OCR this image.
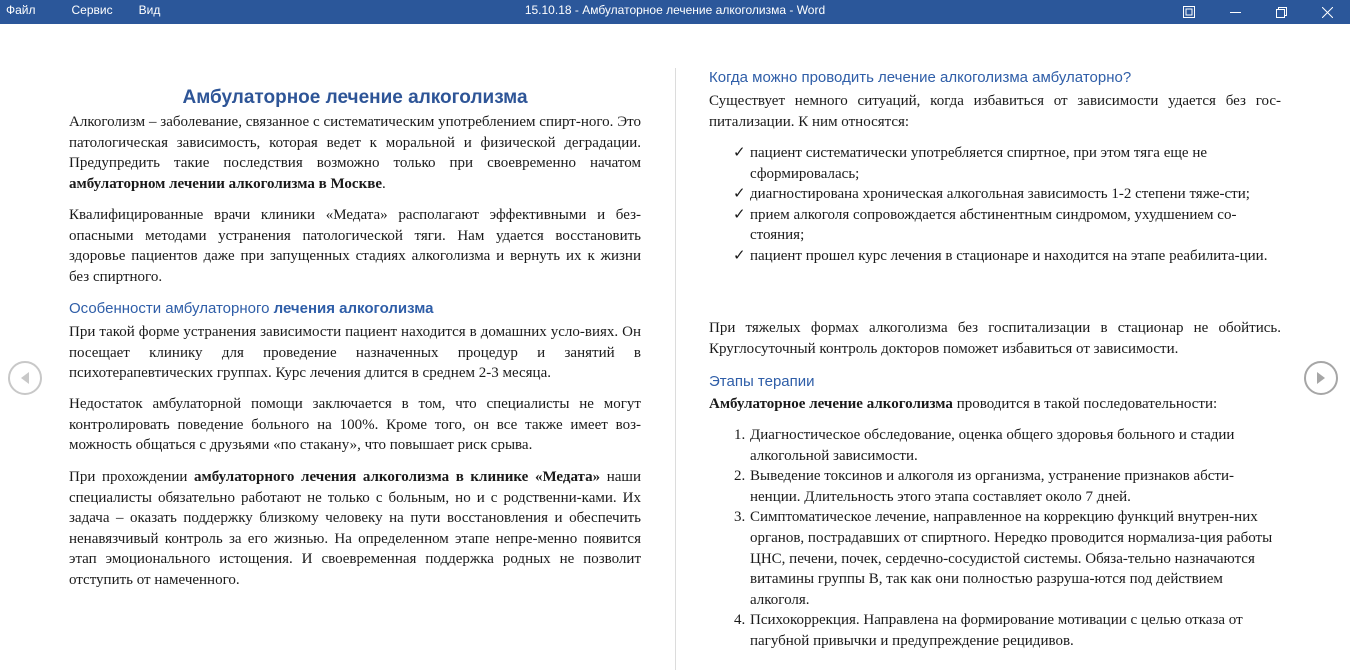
Файл	Сервис	Вид	15.10.18 - Амбулаторное лечение алкоголизма - Word
Амбулаторное лечение алкоголизма

Алкоголизм – заболевание, связанное с систематическим употреблением спирт-ного. Это патологическая зависимость, которая ведет к моральной и физической деградации. Предупредить такие последствия возможно только при своевременно начатом амбулаторном лечении алкоголизма в Москве.

Квалифицированные врачи клиники «Медата» располагают эффективными и без-опасными методами устранения патологической тяги. Нам удается восстановить здоровье пациентов даже при запущенных стадиях алкоголизма и вернуть их к жизни без спиртного.

Особенности амбулаторного лечения алкоголизма

При такой форме устранения зависимости пациент находится в домашних усло-виях. Он посещает клинику для проведение назначенных процедур и занятий в психотерапевтических группах. Курс лечения длится в среднем 2-3 месяца.

Недостаток амбулаторной помощи заключается в том, что специалисты не могут контролировать поведение больного на 100%. Кроме того, он все также имеет воз-можность общаться с друзьями «по стакану», что повышает риск срыва.

При прохождении амбулаторного лечения алкоголизма в клинике «Медата» наши специалисты обязательно работают не только с больным, но и с родственни-ками. Их задача – оказать поддержку близкому человеку на пути восстановления и обеспечить ненавязчивый контроль за его жизнью. На определенном этапе непре-менно появится этап эмоционального истощения. И своевременная поддержка родных не позволит отступить от намеченного.

Когда можно проводить лечение алкоголизма амбулаторно?

Существует немного ситуаций, когда избавиться от зависимости удается без гос-питализации. К ним относятся:

✓ пациент систематически употребляется спиртное, при этом тяга еще не сформировалась;
✓ диагностирована хроническая алкогольная зависимость 1-2 степени тяже-сти;
✓ прием алкоголя сопровождается абстинентным синдромом, ухудшением со-стояния;
✓ пациент прошел курс лечения в стационаре и находится на этапе реабилита-ции.

При тяжелых формах алкоголизма без госпитализации в стационар не обойтись. Круглосуточный контроль докторов поможет избавиться от зависимости.

Этапы терапии

Амбулаторное лечение алкоголизма проводится в такой последовательности:

1. Диагностическое обследование, оценка общего здоровья больного и стадии алкогольной зависимости.
2. Выведение токсинов и алкоголя из организма, устранение признаков абсти-ненции. Длительность этого этапа составляет около 7 дней.
3. Симптоматическое лечение, направленное на коррекцию функций внутрен-них органов, пострадавших от спиртного. Нередко проводится нормализа-ция работы ЦНС, печени, почек, сердечно-сосудистой системы. Обяза-тельно назначаются витамины группы В, так как они полностью разруша-ются под действием алкоголя.
4. Психокоррекция. Направлена на формирование мотивации с целью отказа от пагубной привычки и предупреждение рецидивов.
